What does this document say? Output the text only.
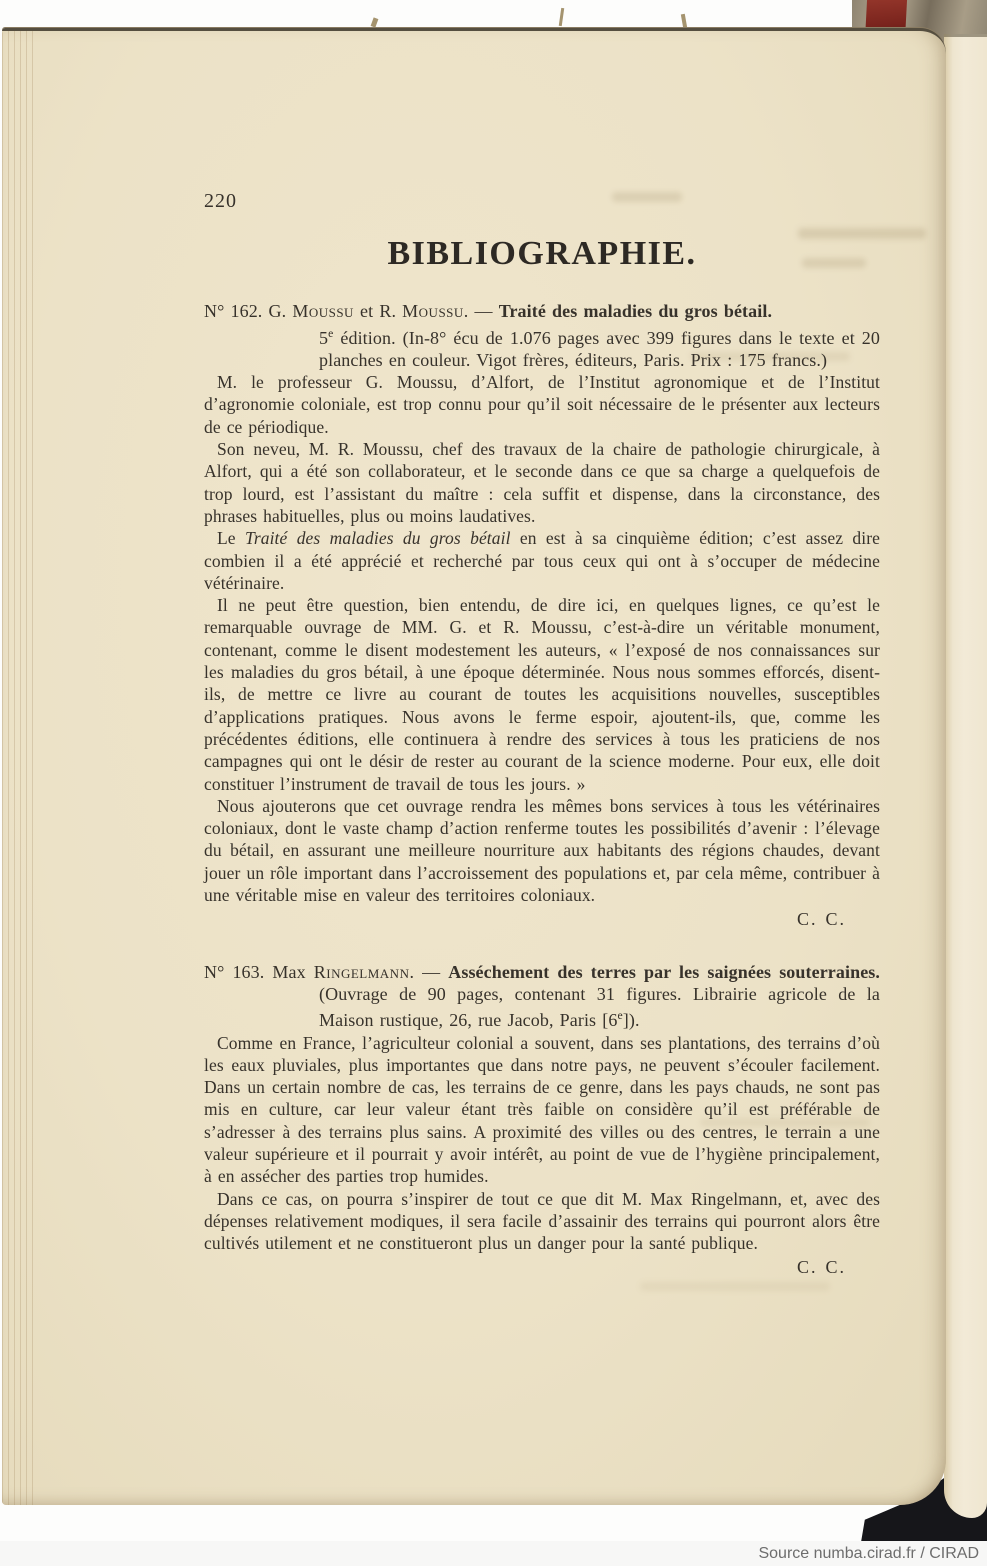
220
BIBLIOGRAPHIE.
N° 162. G. Moussu et R. Moussu. — Traité des maladies du gros bétail.
5e édition. (In-8° écu de 1.076 pages avec 399 figures dans le texte et 20 planches en couleur. Vigot frères, éditeurs, Paris. Prix : 175 francs.)

M. le professeur G. Moussu, d’Alfort, de l’Institut agronomique et de l’Institut d’agronomie coloniale, est trop connu pour qu’il soit nécessaire de le présenter aux lecteurs de ce périodique.

Son neveu, M. R. Moussu, chef des travaux de la chaire de pathologie chirurgicale, à Alfort, qui a été son collaborateur, et le seconde dans ce que sa charge a quelquefois de trop lourd, est l’assistant du maître : cela suffit et dispense, dans la circonstance, des phrases habituelles, plus ou moins laudatives.

Le Traité des maladies du gros bétail en est à sa cinquième édition; c’est assez dire combien il a été apprécié et recherché par tous ceux qui ont à s’occuper de médecine vétérinaire.

Il ne peut être question, bien entendu, de dire ici, en quelques lignes, ce qu’est le remarquable ouvrage de MM. G. et R. Moussu, c’est-à-dire un véritable monument, contenant, comme le disent modestement les auteurs, « l’exposé de nos connaissances sur les maladies du gros bétail, à une époque déterminée. Nous nous sommes efforcés, disent-ils, de mettre ce livre au courant de toutes les acquisitions nouvelles, susceptibles d’applications pratiques. Nous avons le ferme espoir, ajoutent-ils, que, comme les précédentes éditions, elle continuera à rendre des services à tous les praticiens de nos campagnes qui ont le désir de rester au courant de la science moderne. Pour eux, elle doit constituer l’instrument de travail de tous les jours. »

Nous ajouterons que cet ouvrage rendra les mêmes bons services à tous les vétérinaires coloniaux, dont le vaste champ d’action renferme toutes les possibilités d’avenir : l’élevage du bétail, en assurant une meilleure nourriture aux habitants des régions chaudes, devant jouer un rôle important dans l’accroissement des populations et, par cela même, contribuer à une véritable mise en valeur des territoires coloniaux.

C. C.
N° 163. Max Ringelmann. — Asséchement des terres par les saignées souterraines. (Ouvrage de 90 pages, contenant 31 figures. Librairie agricole de la Maison rustique, 26, rue Jacob, Paris [6e]).

Comme en France, l’agriculteur colonial a souvent, dans ses plantations, des terrains d’où les eaux pluviales, plus importantes que dans notre pays, ne peuvent s’écouler facilement. Dans un certain nombre de cas, les terrains de ce genre, dans les pays chauds, ne sont pas mis en culture, car leur valeur étant très faible on considère qu’il est préférable de s’adresser à des terrains plus sains. A proximité des villes ou des centres, le terrain a une valeur supérieure et il pourrait y avoir intérêt, au point de vue de l’hygiène principalement, à en assécher des parties trop humides.

Dans ce cas, on pourra s’inspirer de tout ce que dit M. Max Ringelmann, et, avec des dépenses relativement modiques, il sera facile d’assainir des terrains qui pourront alors être cultivés utilement et ne constitueront plus un danger pour la santé publique.

C. C.
Source numba.cirad.fr / CIRAD
